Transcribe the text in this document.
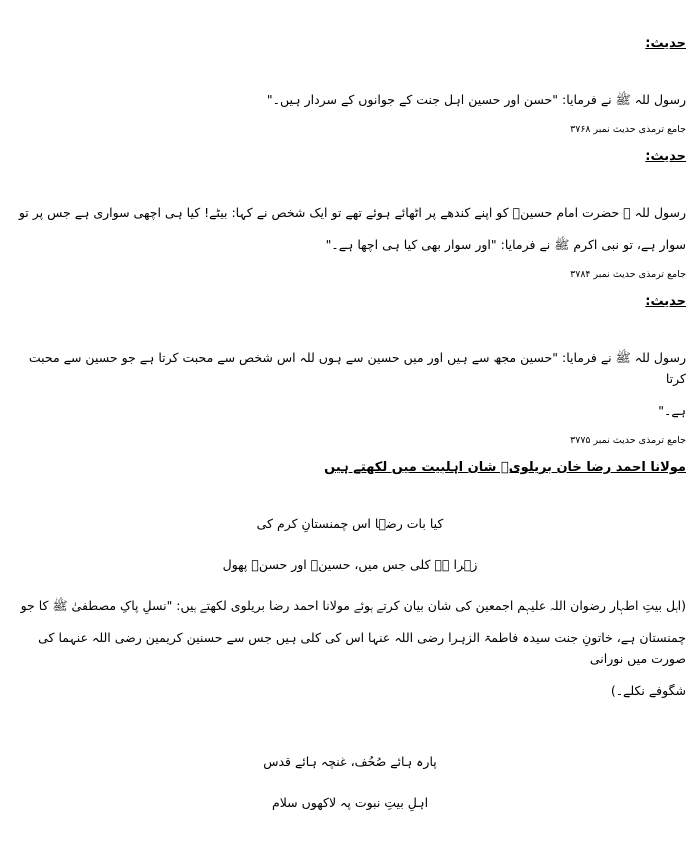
حدیث:
رسول للہ ﷺ نے فرمایا: "حسن اور حسین اہل جنت کے جوانوں کے سردار ہیں۔"
جامع ترمذی حدیث نمبر ۳۷۶۸
حدیث:
رسول للہ ﷺ حضرت امام حسینؓ کو اپنے کندھے پر اٹھائے ہوئے تھے تو ایک شخص نے کہا: بیٹے! کیا ہی اچھی سواری ہے جس پر تو
سوار ہے، تو نبی اکرم ﷺ نے فرمایا: "اور سوار بھی کیا ہی اچھا ہے۔"
جامع ترمذی حدیث نمبر ۳۷۸۴
حدیث:
رسول للہ ﷺ نے فرمایا: "حسین مجھ سے ہیں اور میں حسین سے ہوں للہ اس شخص سے محبت کرتا ہے جو حسین سے محبت کرتا
ہے۔"
جامع ترمذی حدیث نمبر ۳۷۷۵
مولانا احمد رضا خان بریلویؒ شان اہلبیت میں لکھتے ہیں
کیا بات رضؔا اس چمنستانِ کرم کی
زہرا ہے کلی جس میں، حسینؓ اور حسنؓ پھول
(اہل بیتِ اطہار رضوان اللہ علیہم اجمعین کی شان بیان کرتے ہوئے مولانا احمد رضا بریلوی لکھتے ہیں: "نسلِ پاکِ مصطفیٰ ﷺ کا جو
چمنستان ہے، خاتونِ جنت سیدہ فاطمۃ الزہرا رضی اللہ عنہا اس کی کلی ہیں جس سے حسنین کریمین رضی اللہ عنہما کی صورت میں نورانی
شگوفے نکلے۔)
پارہ ہائے صُحُف، غنچہ ہائے قدس
اہلِ بیتِ نبوت پہ لاکھوں سلام
